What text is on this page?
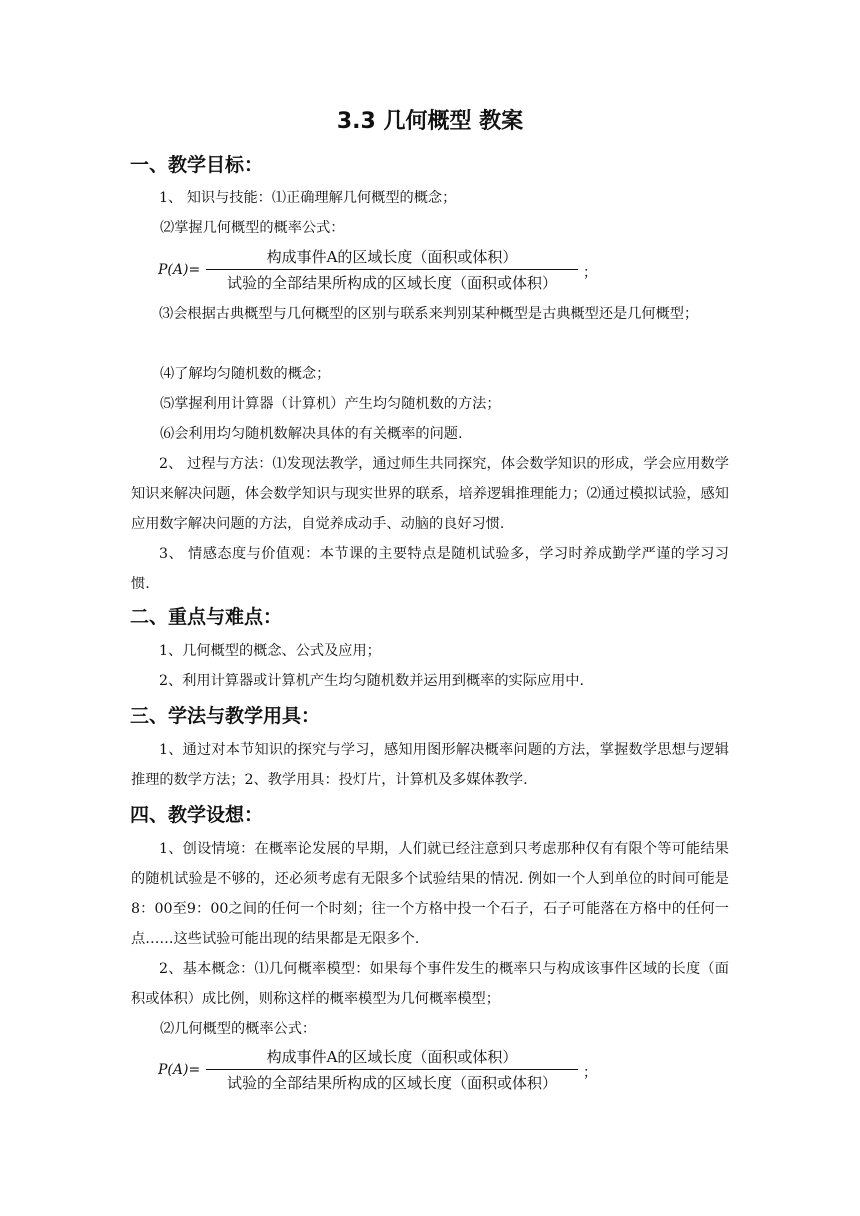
3.3 几何概型 教案
一、教学目标：
1、 知识与技能：⑴正确理解几何概型的概念；
⑵掌握几何概型的概率公式：
P(A)=
构成事件A的区域长度（面积或体积）
试验的全部结果所构成的区域长度（面积或体积）
；
⑶会根据古典概型与几何概型的区别与联系来判别某种概型是古典概型还是几何概型；
⑷了解均匀随机数的概念；
⑸掌握利用计算器（计算机）产生均匀随机数的方法；
⑹会利用均匀随机数解决具体的有关概率的问题.
2、 过程与方法：⑴发现法教学，通过师生共同探究，体会数学知识的形成，学会应用数学知识来解决问题，体会数学知识与现实世界的联系，培养逻辑推理能力；⑵通过模拟试验，感知应用数字解决问题的方法，自觉养成动手、动脑的良好习惯.
3、 情感态度与价值观：本节课的主要特点是随机试验多，学习时养成勤学严谨的学习习惯.
二、重点与难点：
1、几何概型的概念、公式及应用；
2、利用计算器或计算机产生均匀随机数并运用到概率的实际应用中.
三、学法与教学用具：
1、通过对本节知识的探究与学习，感知用图形解决概率问题的方法，掌握数学思想与逻辑推理的数学方法；2、教学用具：投灯片，计算机及多媒体教学.
四、教学设想：
1、创设情境：在概率论发展的早期，人们就已经注意到只考虑那种仅有有限个等可能结果的随机试验是不够的，还必须考虑有无限多个试验结果的情况. 例如一个人到单位的时间可能是8：00至9：00之间的任何一个时刻；往一个方格中投一个石子，石子可能落在方格中的任何一点……这些试验可能出现的结果都是无限多个.
2、基本概念：⑴几何概率模型：如果每个事件发生的概率只与构成该事件区域的长度（面积或体积）成比例，则称这样的概率模型为几何概率模型；
⑵几何概型的概率公式：
P(A)=
构成事件A的区域长度（面积或体积）
试验的全部结果所构成的区域长度（面积或体积）
；
